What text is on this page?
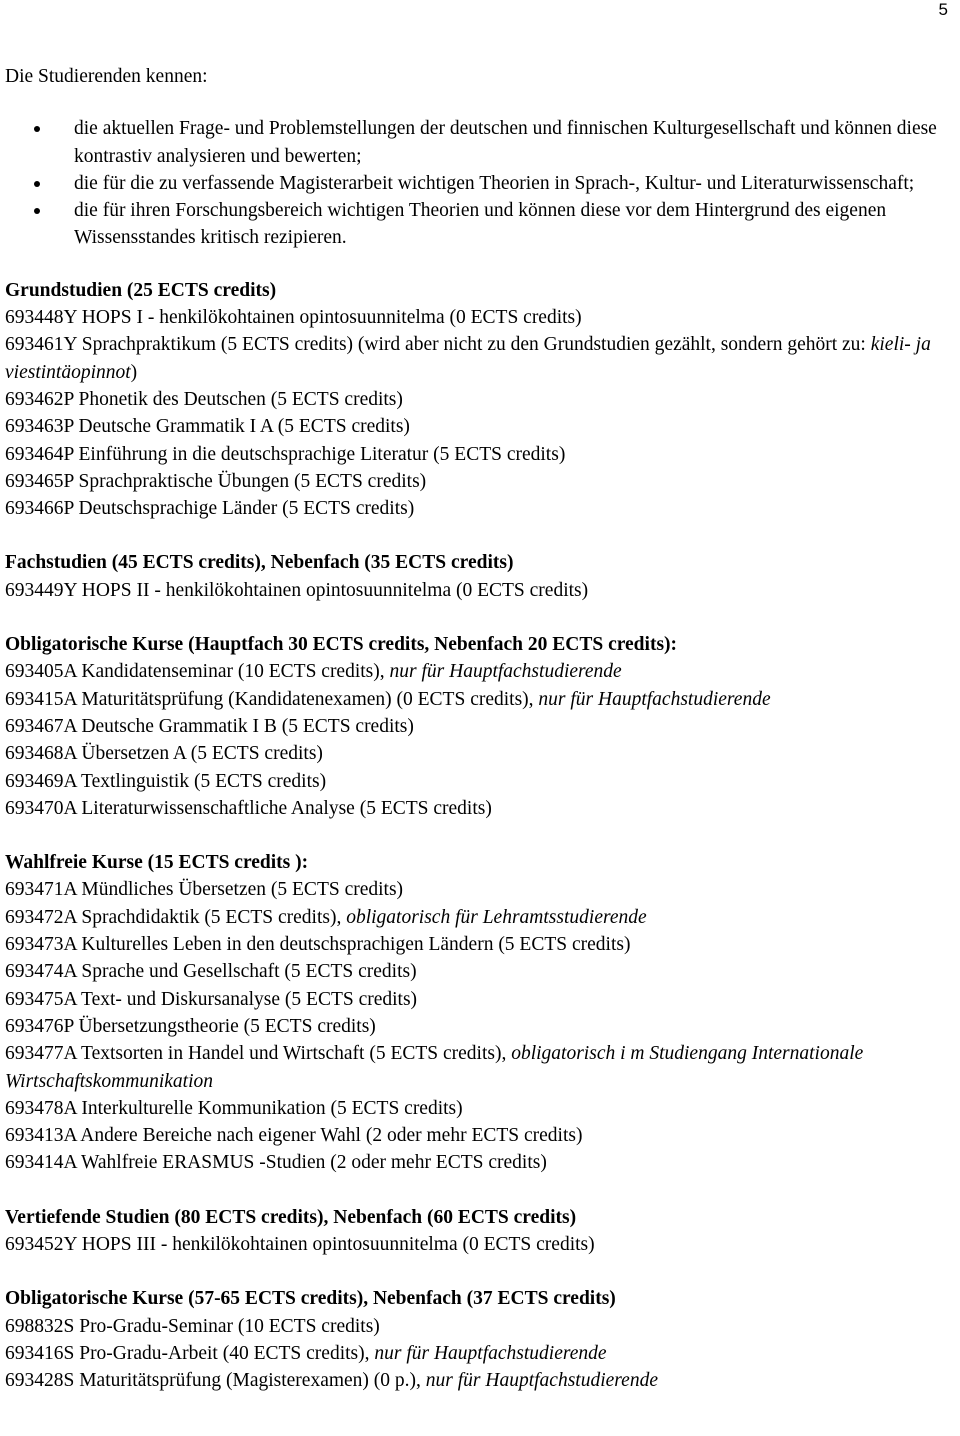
5
Die Studierenden kennen:
die aktuellen Frage- und Problemstellungen der deutschen und finnischen Kulturgesellschaft und können diese kontrastiv analysieren und bewerten;
die für die zu verfassende Magisterarbeit wichtigen Theorien in Sprach-, Kultur- und Literaturwissenschaft;
die für ihren Forschungsbereich wichtigen Theorien und können diese vor dem Hintergrund des eigenen Wissensstandes kritisch rezipieren.
Grundstudien (25 ECTS credits)
693448Y HOPS I - henkilökohtainen opintosuunnitelma (0 ECTS credits)
693461Y Sprachpraktikum (5 ECTS credits) (wird aber nicht zu den Grundstudien gezählt, sondern gehört zu: kieli- ja viestintäopinnot)
693462P Phonetik des Deutschen (5 ECTS credits)
693463P Deutsche Grammatik I A (5 ECTS credits)
693464P Einführung in die deutschsprachige Literatur (5 ECTS credits)
693465P Sprachpraktische Übungen (5 ECTS credits)
693466P Deutschsprachige Länder (5 ECTS credits)
Fachstudien (45 ECTS credits), Nebenfach (35 ECTS credits)
693449Y HOPS II - henkilökohtainen opintosuunnitelma (0 ECTS credits)
Obligatorische Kurse (Hauptfach 30 ECTS credits, Nebenfach 20 ECTS credits):
693405A Kandidatenseminar (10 ECTS credits), nur für Hauptfachstudierende
693415A Maturitätsprüfung (Kandidatenexamen) (0 ECTS credits), nur für Hauptfachstudierende
693467A Deutsche Grammatik I B (5 ECTS credits)
693468A Übersetzen A (5 ECTS credits)
693469A Textlinguistik (5 ECTS credits)
693470A Literaturwissenschaftliche Analyse (5 ECTS credits)
Wahlfreie Kurse (15 ECTS credits ):
693471A Mündliches Übersetzen (5 ECTS credits)
693472A Sprachdidaktik (5 ECTS credits), obligatorisch für Lehramtsstudierende
693473A Kulturelles Leben in den deutschsprachigen Ländern (5 ECTS credits)
693474A Sprache und Gesellschaft (5 ECTS credits)
693475A Text- und Diskursanalyse (5 ECTS credits)
693476P Übersetzungstheorie (5 ECTS credits)
693477A Textsorten in Handel und Wirtschaft (5 ECTS credits), obligatorisch i m Studiengang Internationale Wirtschaftskommunikation
693478A Interkulturelle Kommunikation (5 ECTS credits)
693413A Andere Bereiche nach eigener Wahl (2 oder mehr ECTS credits)
693414A Wahlfreie ERASMUS -Studien (2 oder mehr ECTS credits)
Vertiefende Studien (80 ECTS credits), Nebenfach (60 ECTS credits)
693452Y HOPS III - henkilökohtainen opintosuunnitelma (0 ECTS credits)
Obligatorische Kurse (57-65 ECTS credits), Nebenfach (37 ECTS credits)
698832S Pro-Gradu-Seminar (10 ECTS credits)
693416S Pro-Gradu-Arbeit (40 ECTS credits), nur für Hauptfachstudierende
693428S Maturitätsprüfung (Magisterexamen) (0 p.), nur für Hauptfachstudierende
